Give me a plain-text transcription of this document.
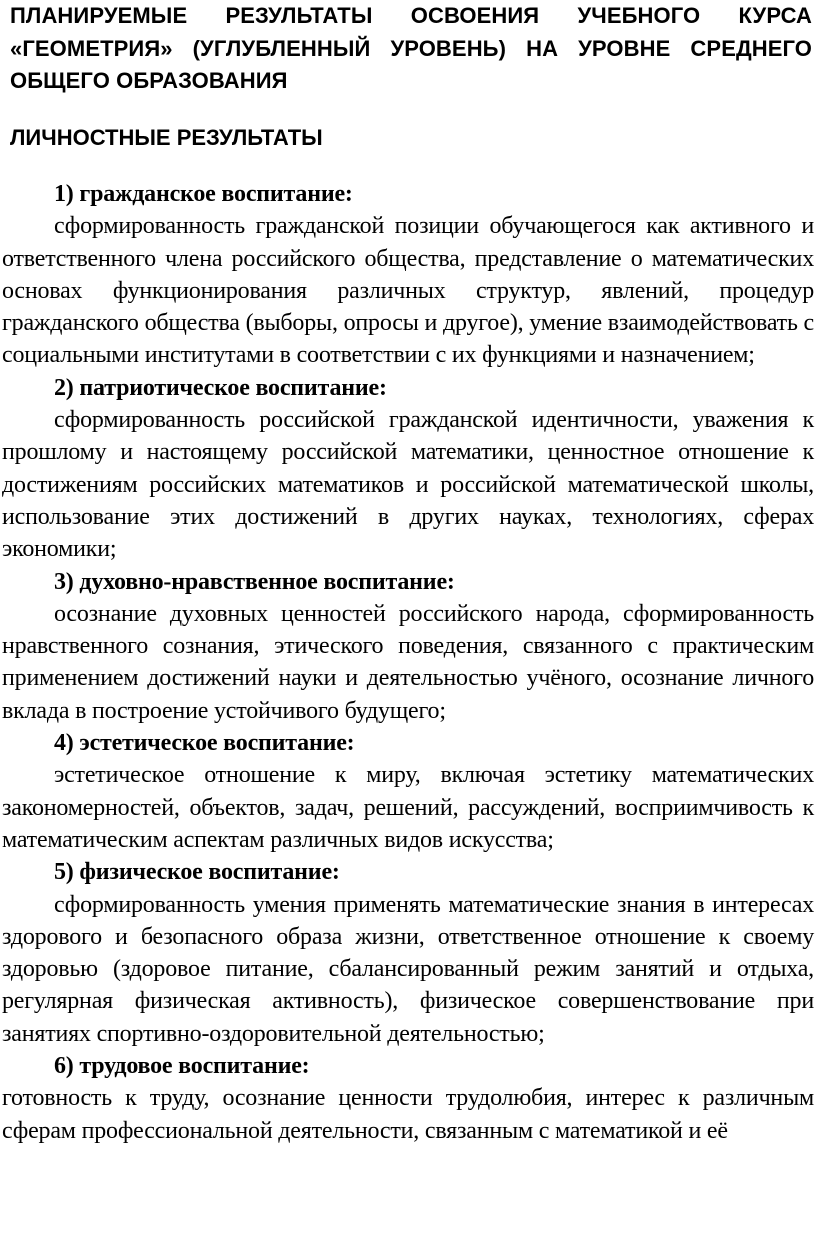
ПЛАНИРУЕМЫЕ РЕЗУЛЬТАТЫ ОСВОЕНИЯ УЧЕБНОГО КУРСА «ГЕОМЕТРИЯ» (УГЛУБЛЕННЫЙ УРОВЕНЬ) НА УРОВНЕ СРЕДНЕГО ОБЩЕГО ОБРАЗОВАНИЯ
ЛИЧНОСТНЫЕ РЕЗУЛЬТАТЫ

1) гражданское воспитание:

сформированность гражданской позиции обучающегося как активного и ответственного члена российского общества, представление о математических основах функционирования различных структур, явлений, процедур гражданского общества (выборы, опросы и другое), умение взаимодействовать с социальными институтами в соответствии с их функциями и назначением;

2) патриотическое воспитание:

сформированность российской гражданской идентичности, уважения к прошлому и настоящему российской математики, ценностное отношение к достижениям российских математиков и российской математической школы, использование этих достижений в других науках, технологиях, сферах экономики;

3) духовно-нравственное воспитание:

осознание духовных ценностей российского народа, сформированность нравственного сознания, этического поведения, связанного с практическим применением достижений науки и деятельностью учёного, осознание личного вклада в построение устойчивого будущего;

4) эстетическое воспитание:

эстетическое отношение к миру, включая эстетику математических закономерностей, объектов, задач, решений, рассуждений, восприимчивость к математическим аспектам различных видов искусства;

5) физическое воспитание:

сформированность умения применять математические знания в интересах здорового и безопасного образа жизни, ответственное отношение к своему здоровью (здоровое питание, сбалансированный режим занятий и отдыха, регулярная физическая активность), физическое совершенствование при занятиях спортивно-оздоровительной деятельностью;

6) трудовое воспитание:

готовность к труду, осознание ценности трудолюбия, интерес к различным сферам профессиональной деятельности, связанным с математикой и её
